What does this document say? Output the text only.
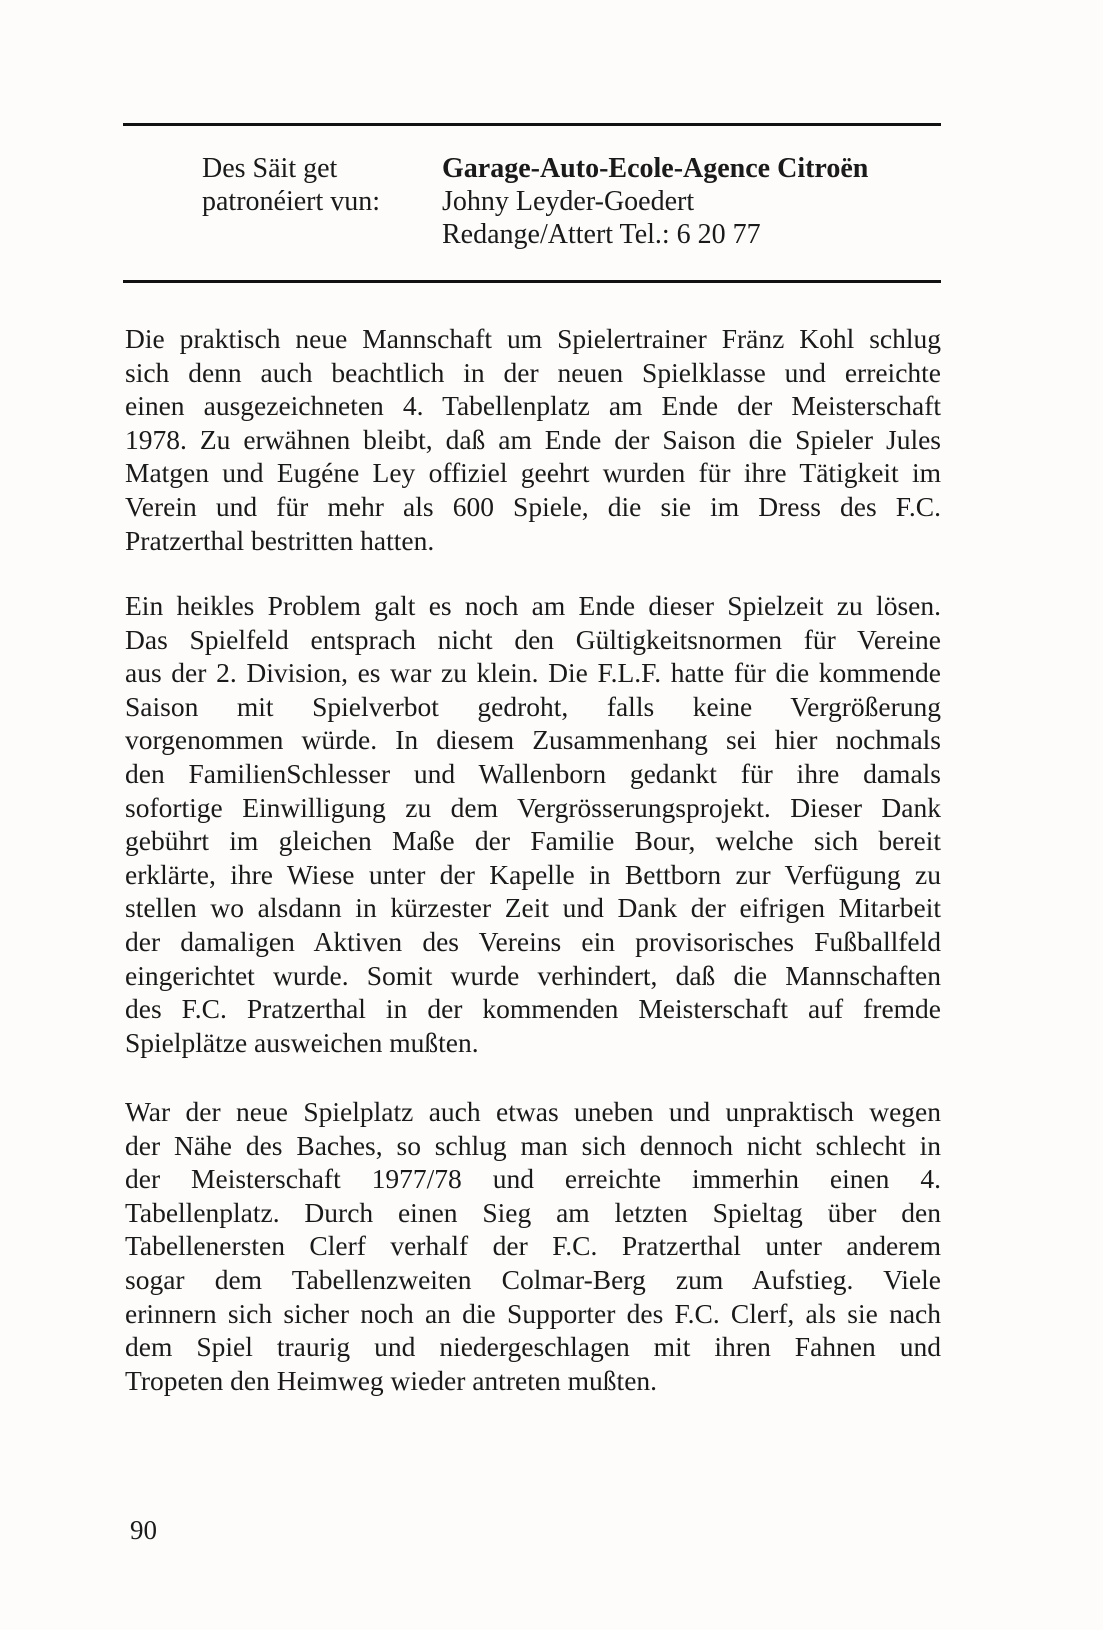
Des Säit get
patronéiert vun:
Garage-Auto-Ecole-Agence Citroën
Johny Leyder-Goedert
Redange/Attert Tel.: 6 20 77

Die praktisch neue Mannschaft um Spielertrainer Fränz Kohl schlug
sich denn auch beachtlich in der neuen Spielklasse und erreichte
einen ausgezeichneten 4. Tabellenplatz am Ende der Meisterschaft
1978. Zu erwähnen bleibt, daß am Ende der Saison die Spieler Jules
Matgen und Eugéne Ley offiziel geehrt wurden für ihre Tätigkeit im
Verein und für mehr als 600 Spiele, die sie im Dress des F.C.
Pratzerthal bestritten hatten.

Ein heikles Problem galt es noch am Ende dieser Spielzeit zu lösen.
Das Spielfeld entsprach nicht den Gültigkeitsnormen für Vereine
aus der 2. Division, es war zu klein. Die F.L.F. hatte für die kommende
Saison mit Spielverbot gedroht, falls keine Vergrößerung
vorgenommen würde. In diesem Zusammenhang sei hier nochmals
den FamilienSchlesser und Wallenborn gedankt für ihre damals
sofortige Einwilligung zu dem Vergrösserungsprojekt. Dieser Dank
gebührt im gleichen Maße der Familie Bour, welche sich bereit
erklärte, ihre Wiese unter der Kapelle in Bettborn zur Verfügung zu
stellen wo alsdann in kürzester Zeit und Dank der eifrigen Mitarbeit
der damaligen Aktiven des Vereins ein provisorisches Fußballfeld
eingerichtet wurde. Somit wurde verhindert, daß die Mannschaften
des F.C. Pratzerthal in der kommenden Meisterschaft auf fremde
Spielplätze ausweichen mußten.

War der neue Spielplatz auch etwas uneben und unpraktisch wegen
der Nähe des Baches, so schlug man sich dennoch nicht schlecht in
der Meisterschaft 1977/78 und erreichte immerhin einen 4.
Tabellenplatz. Durch einen Sieg am letzten Spieltag über den
Tabellenersten Clerf verhalf der F.C. Pratzerthal unter anderem
sogar dem Tabellenzweiten Colmar-Berg zum Aufstieg. Viele
erinnern sich sicher noch an die Supporter des F.C. Clerf, als sie nach
dem Spiel traurig und niedergeschlagen mit ihren Fahnen und
Tropeten den Heimweg wieder antreten mußten.

90
